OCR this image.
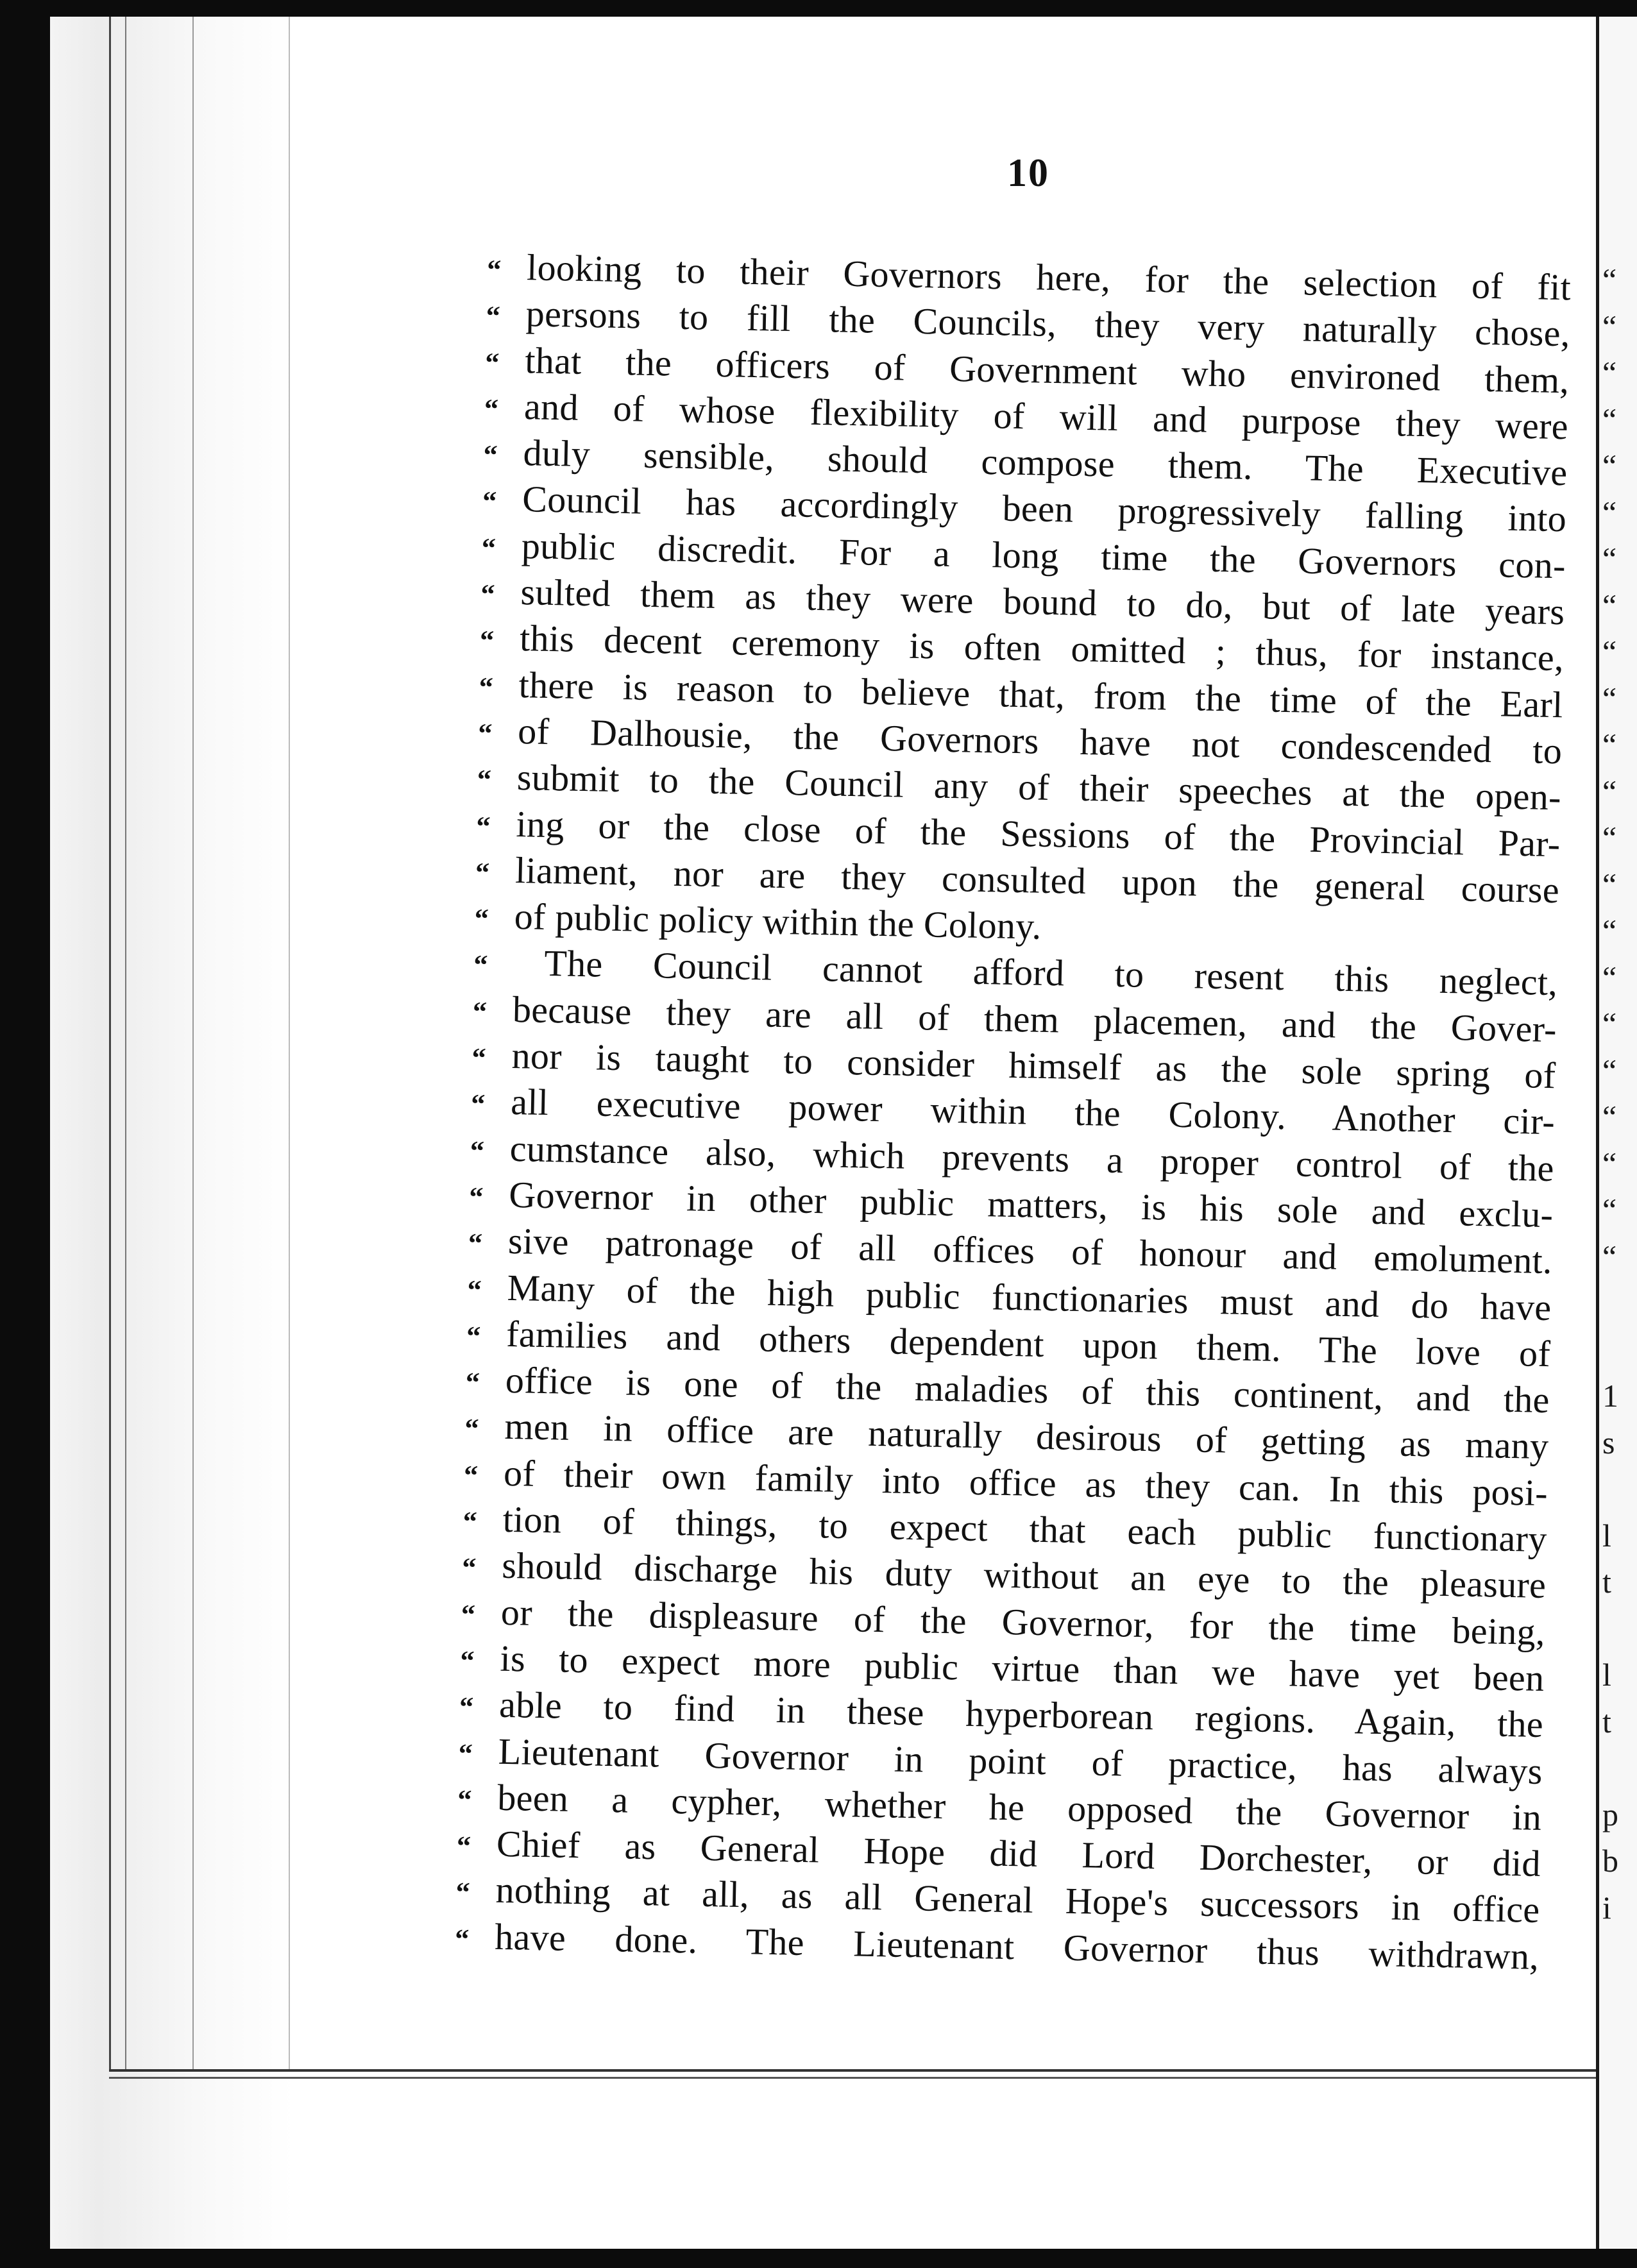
“
“
“
“
“
“
“
“
“
“
“
“
“
“
“
“
“
“
“
“
“
“

1
s

l
t

l
t

p
b
i
10
“ looking to their Governors here, for the selection of fit
“ persons to fill the Councils, they very naturally chose,
“ that the officers of Government who environed them,
“ and of whose flexibility of will and purpose they were
“ duly sensible, should compose them. The Executive
“ Council has accordingly been progressively falling into
“ public discredit. For a long time the Governors con-
“ sulted them as they were bound to do, but of late years
“ this decent ceremony is often omitted ; thus, for instance,
“ there is reason to believe that, from the time of the Earl
“ of Dalhousie, the Governors have not condescended to
“ submit to the Council any of their speeches at the open-
“ ing or the close of the Sessions of the Provincial Par-
“ liament, nor are they consulted upon the general course
“ of public policy within the Colony.
“	The Council cannot afford to resent this neglect,
“ because they are all of them placemen, and the Gover-
“ nor is taught to consider himself as the sole spring of
“ all executive power within the Colony. Another cir-
“ cumstance also, which prevents a proper control of the
“ Governor in other public matters, is his sole and exclu-
“ sive patronage of all offices of honour and emolument.
“ Many of the high public functionaries must and do have
“ families and others dependent upon them. The love of
“ office is one of the maladies of this continent, and the
“ men in office are naturally desirous of getting as many
“ of their own family into office as they can. In this posi-
“ tion of things, to expect that each public functionary
“ should discharge his duty without an eye to the pleasure
“ or the displeasure of the Governor, for the time being,
“ is to expect more public virtue than we have yet been
“ able to find in these hyperborean regions. Again, the
“ Lieutenant Governor in point of practice, has always
“ been a cypher, whether he opposed the Governor in
“ Chief as General Hope did Lord Dorchester, or did
“ nothing at all, as all General Hope's successors in office
“ have done. The Lieutenant Governor thus withdrawn,
